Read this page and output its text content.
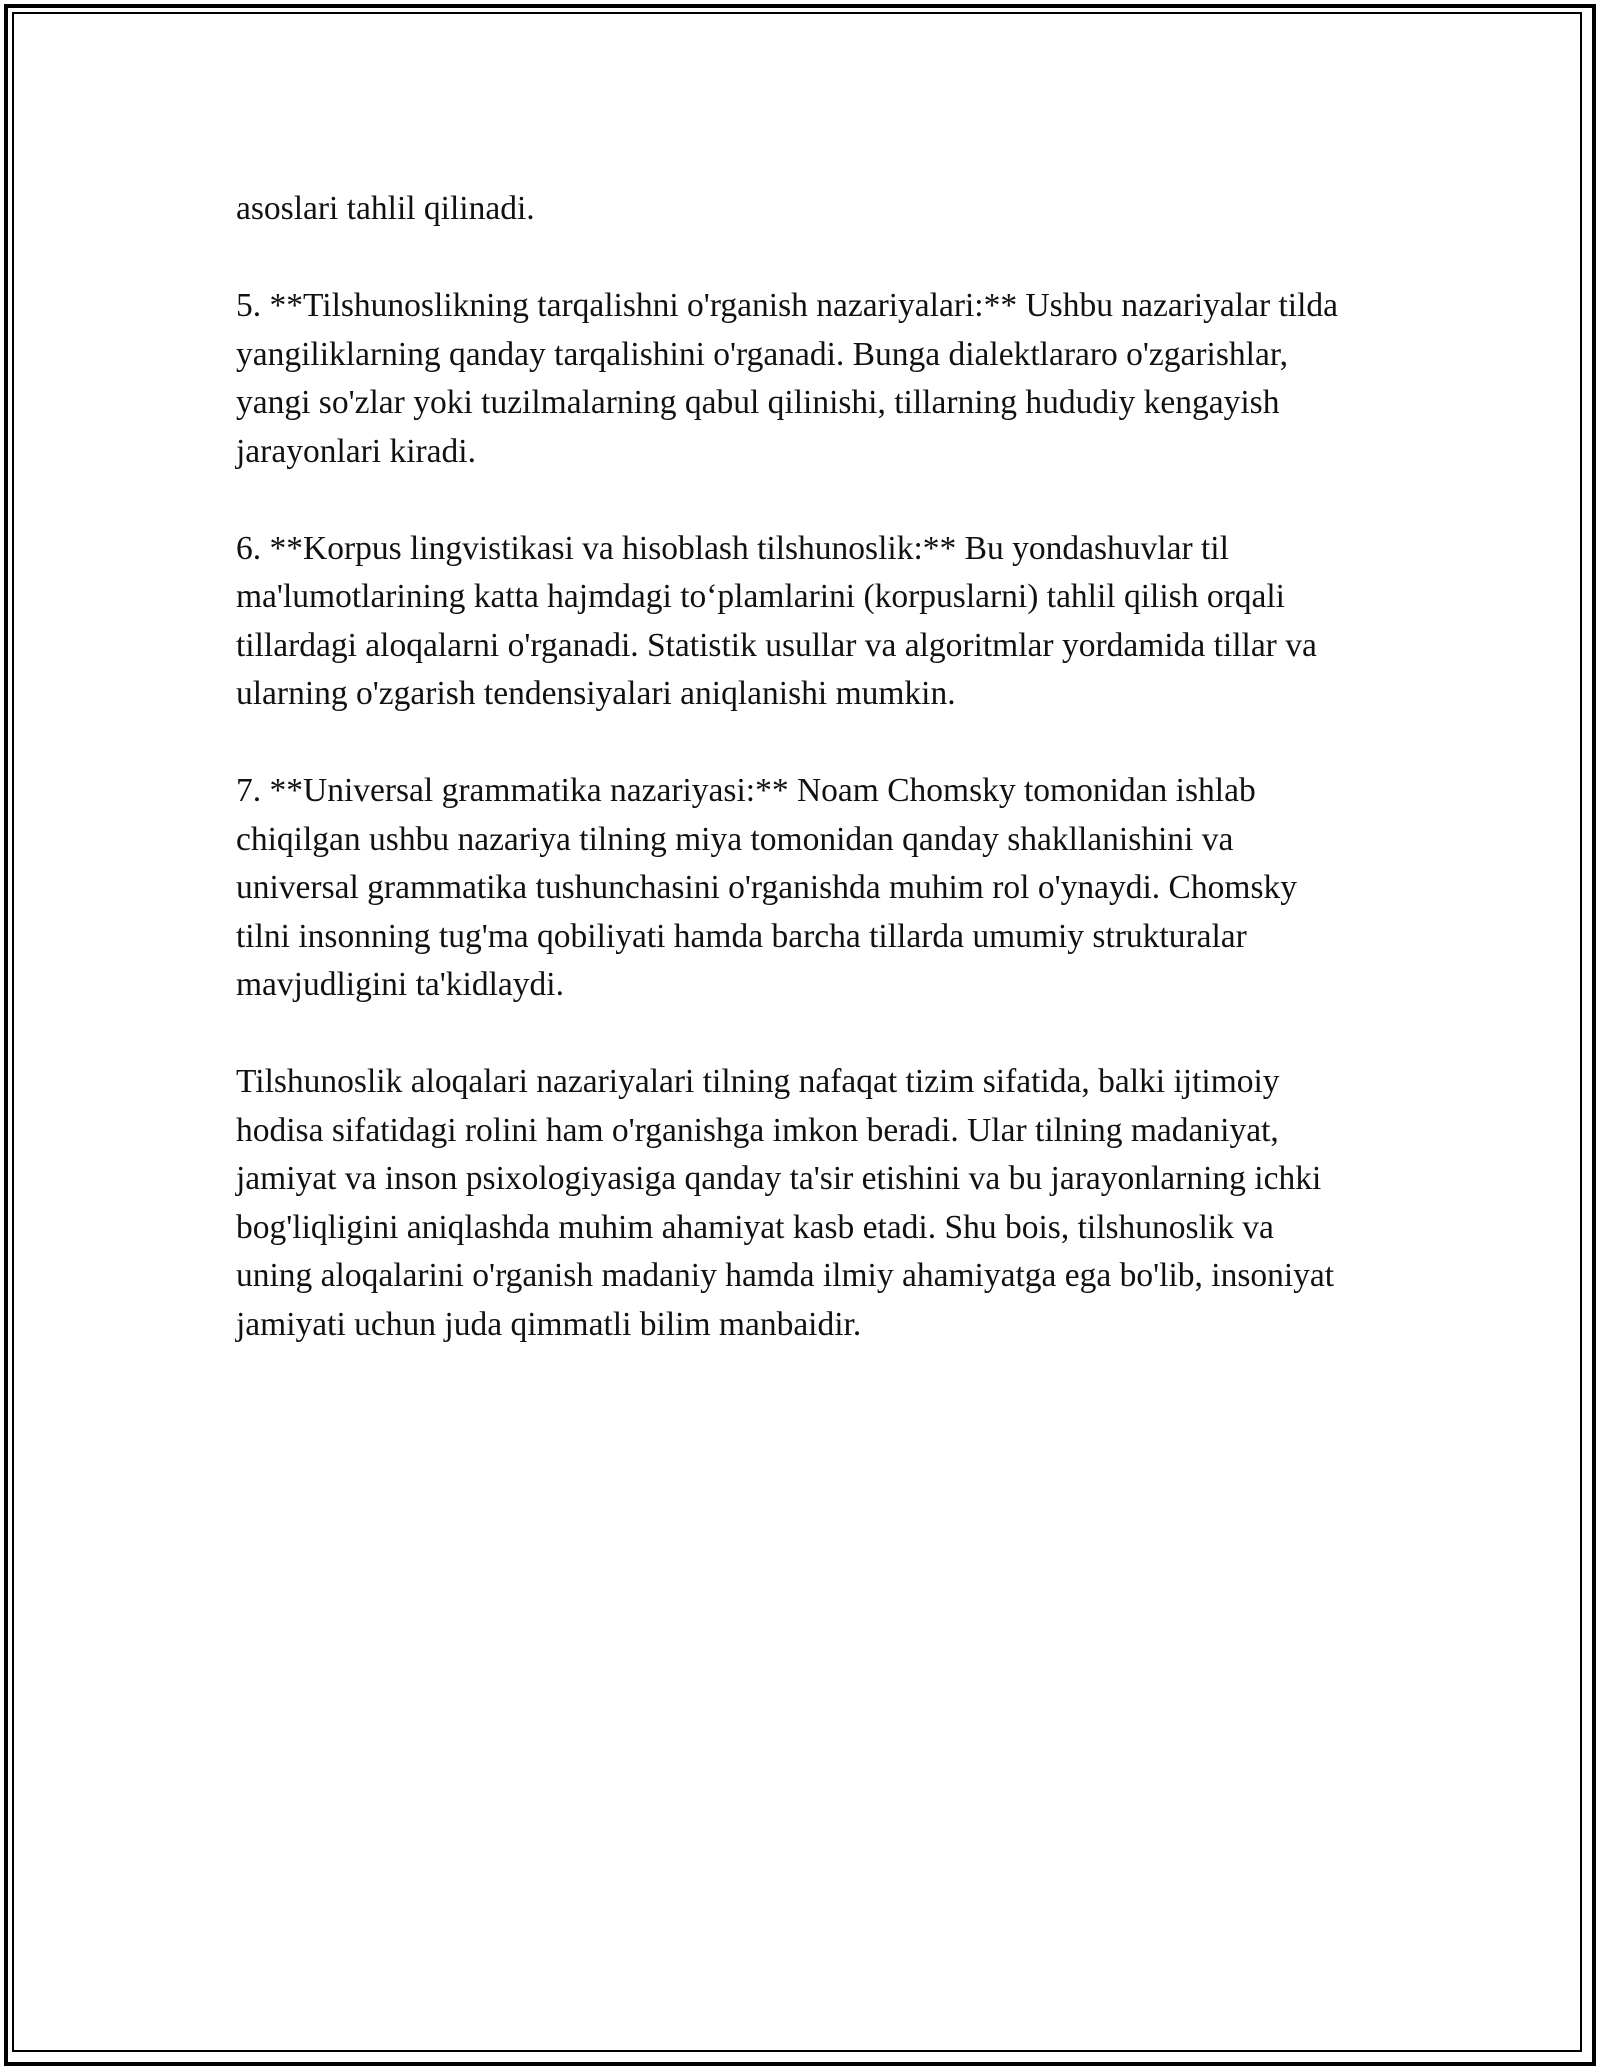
asoslari tahlil qilinadi.

5. **Tilshunoslikning tarqalishni o'rganish nazariyalari:** Ushbu nazariyalar tilda yangiliklarning qanday tarqalishini o'rganadi. Bunga dialektlararo o'zgarishlar, yangi so'zlar yoki tuzilmalarning qabul qilinishi, tillarning hududiy kengayish jarayonlari kiradi.

6. **Korpus lingvistikasi va hisoblash tilshunoslik:** Bu yondashuvlar til ma'lumotlarining katta hajmdagi to‘plamlarini (korpuslarni) tahlil qilish orqali tillardagi aloqalarni o'rganadi. Statistik usullar va algoritmlar yordamida tillar va ularning o'zgarish tendensiyalari aniqlanishi mumkin.

7. **Universal grammatika nazariyasi:** Noam Chomsky tomonidan ishlab chiqilgan ushbu nazariya tilning miya tomonidan qanday shakllanishini va universal grammatika tushunchasini o'rganishda muhim rol o'ynaydi. Chomsky tilni insonning tug'ma qobiliyati hamda barcha tillarda umumiy strukturalar mavjudligini ta'kidlaydi.

Tilshunoslik aloqalari nazariyalari tilning nafaqat tizim sifatida, balki ijtimoiy hodisa sifatidagi rolini ham o'rganishga imkon beradi. Ular tilning madaniyat, jamiyat va inson psixologiyasiga qanday ta'sir etishini va bu jarayonlarning ichki bog'liqligini aniqlashda muhim ahamiyat kasb etadi. Shu bois, tilshunoslik va uning aloqalarini o'rganish madaniy hamda ilmiy ahamiyatga ega bo'lib, insoniyat jamiyati uchun juda qimmatli bilim manbaidir.
